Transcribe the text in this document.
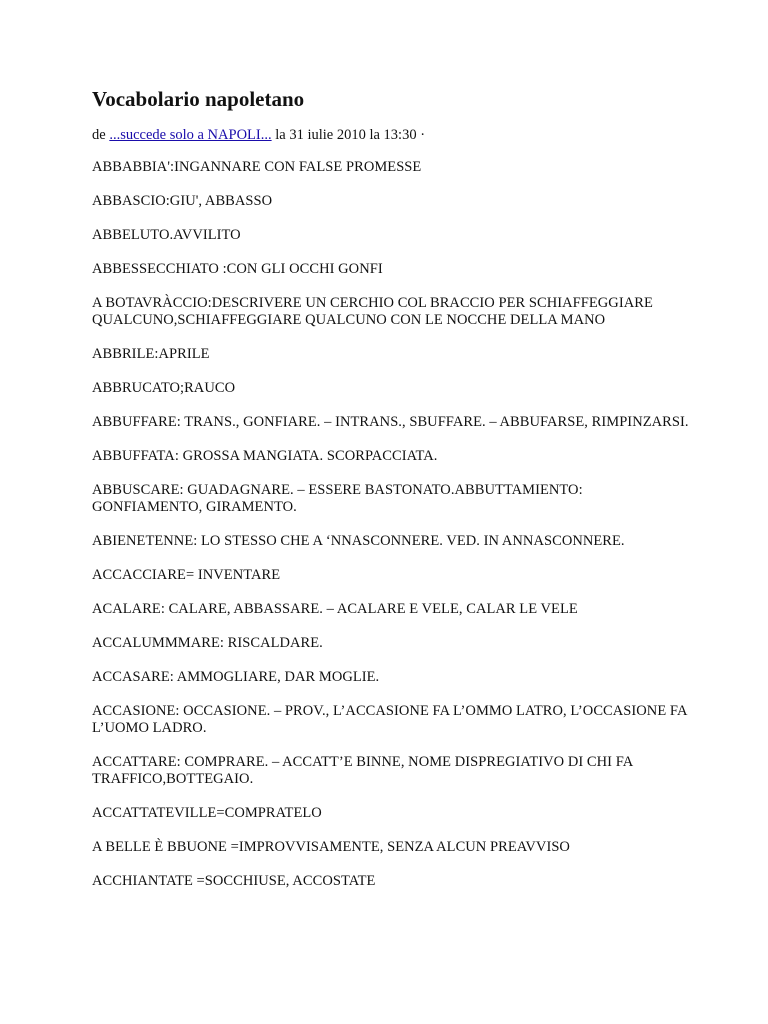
Vocabolario napoletano
de ...succede solo a NAPOLI... la 31 iulie 2010 la 13:30 ·

ABBABBIA':INGANNARE CON FALSE PROMESSE

ABBASCIO:GIU', ABBASSO

ABBELUTO.AVVILITO

ABBESSECCHIATO :CON GLI OCCHI GONFI

A BOTAVRÀCCIO:DESCRIVERE UN CERCHIO COL BRACCIO PER SCHIAFFEGGIARE QUALCUNO,SCHIAFFEGGIARE QUALCUNO CON LE NOCCHE DELLA MANO

ABBRILE:APRILE

ABBRUCATO;RAUCO

ABBUFFARE: TRANS., GONFIARE. – INTRANS., SBUFFARE. – ABBUFARSE, RIMPINZARSI.

ABBUFFATA: GROSSA MANGIATA. SCORPACCIATA.

ABBUSCARE: GUADAGNARE. – ESSERE BASTONATO.ABBUTTAMIENTO: GONFIAMENTO, GIRAMENTO.

ABIENETENNE: LO STESSO CHE A ‘NNASCONNERE. VED. IN ANNASCONNERE.

ACCACCIARE= INVENTARE

ACALARE: CALARE, ABBASSARE. – ACALARE E VELE, CALAR LE VELE

ACCALUMMMARE: RISCALDARE.

ACCASARE: AMMOGLIARE, DAR MOGLIE.

ACCASIONE: OCCASIONE. – PROV., L’ACCASIONE FA L’OMMO LATRO, L’OCCASIONE FA L’UOMO LADRO.

ACCATTARE: COMPRARE. – ACCATT’E BINNE, NOME DISPREGIATIVO DI CHI FA TRAFFICO,BOTTEGAIO.

ACCATTATEVILLE=COMPRATELO

A BELLE È BBUONE =IMPROVVISAMENTE, SENZA ALCUN PREAVVISO

ACCHIANTATE =SOCCHIUSE, ACCOSTATE
